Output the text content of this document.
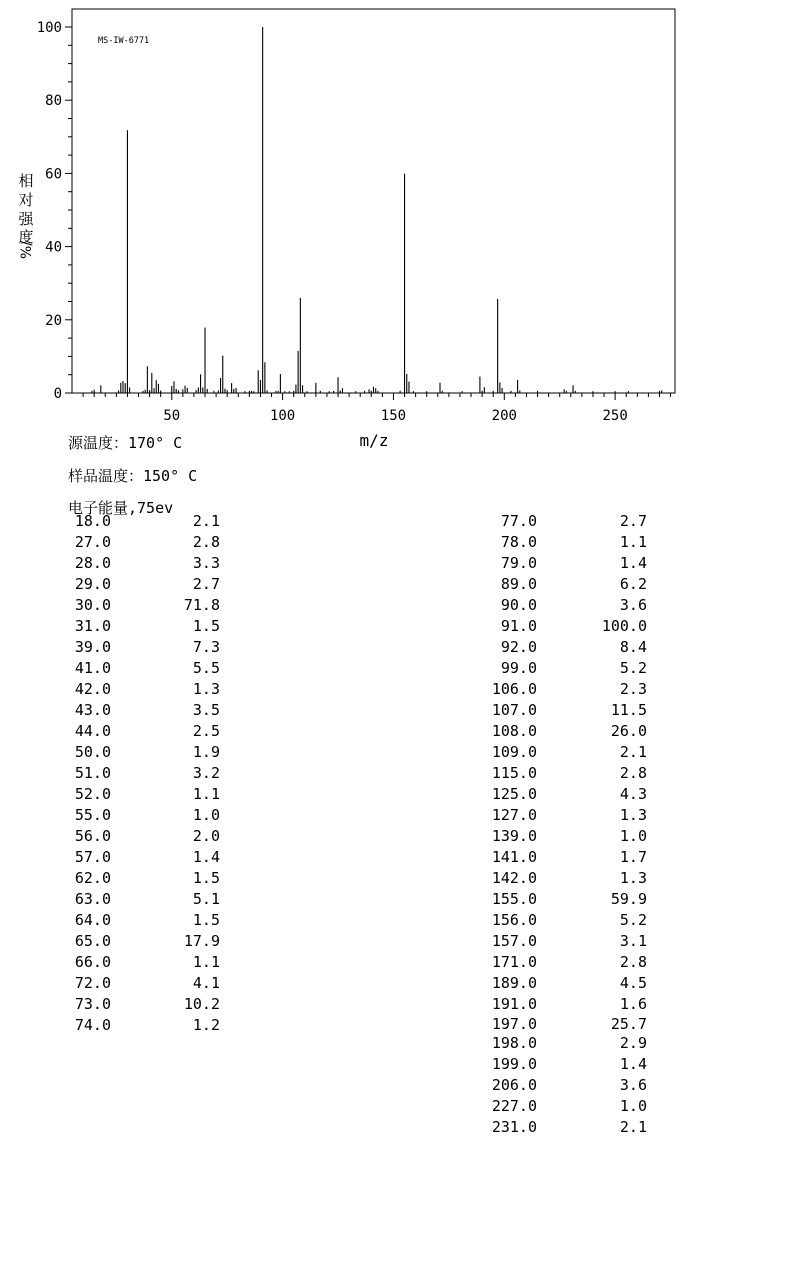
50	100	150	200	250
0
20
40
60
80
100
MS-IW-6771
m/z
相
对
强
度
%/
源温度：170° C
样品温度：150° C
电子能量,75ev
18.0	2.1
27.0	2.8
28.0	3.3
29.0	2.7
30.0	71.8
31.0	1.5
39.0	7.3
41.0	5.5
42.0	1.3
43.0	3.5
44.0	2.5
50.0	1.9
51.0	3.2
52.0	1.1
55.0	1.0
56.0	2.0
57.0	1.4
62.0	1.5
63.0	5.1
64.0	1.5
65.0	17.9
66.0	1.1
72.0	4.1
73.0	10.2
74.0	1.2
77.0	2.7
78.0	1.1
79.0	1.4
89.0	6.2
90.0	3.6
91.0	100.0
92.0	8.4
99.0	5.2
106.0	2.3
107.0	11.5
108.0	26.0
109.0	2.1
115.0	2.8
125.0	4.3
127.0	1.3
139.0	1.0
141.0	1.7
142.0	1.3
155.0	59.9
156.0	5.2
157.0	3.1
171.0	2.8
189.0	4.5
191.0	1.6
197.0	25.7
198.0	2.9
199.0	1.4
206.0	3.6
227.0	1.0
231.0	2.1
